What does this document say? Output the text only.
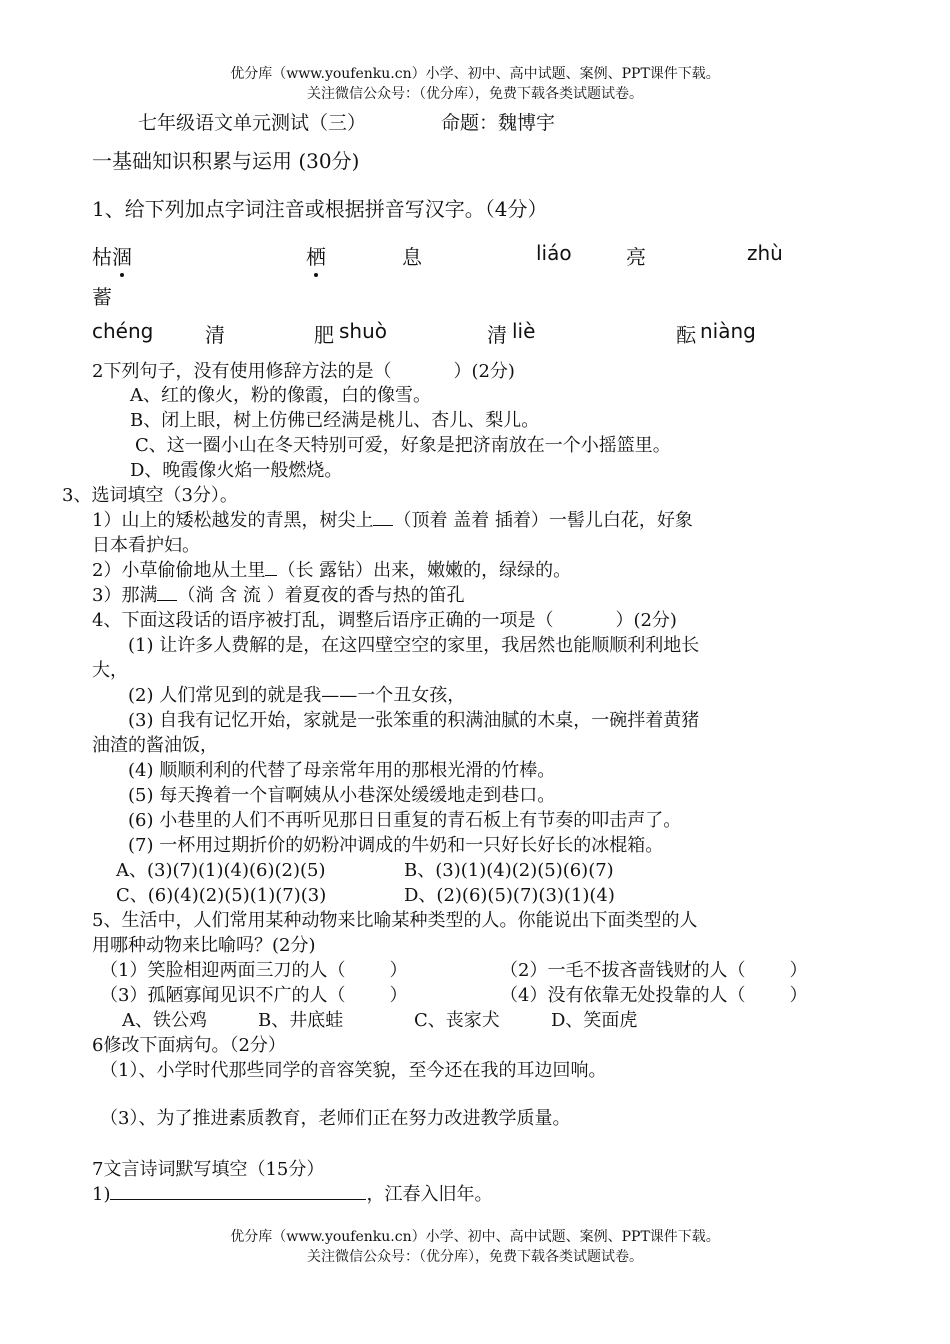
优分库（www.youfenku.cn）小学、初中、高中试题、案例、PPT课件下载。
关注微信公众号：（优分库），免费下载各类试题试卷。
七年级语文单元测试（三）	命题：魏博宇
一基础知识积累与运用 (30分)
1、给下列加点字词注音或根据拼音写汉字。（4分）
枯涸	栖	息	liáo	亮	zhù
蓄
chéng	清	肥 shuò	清 liè	酝 niàng
2下列句子，没有使用修辞方法的是（	）(2分)
A、红的像火，粉的像霞，白的像雪。
B、闭上眼，树上仿佛已经满是桃儿、杏儿、梨儿。
C、这一圈小山在冬天特别可爱，好象是把济南放在一个小摇篮里。
D、晚霞像火焰一般燃烧。
3、选词填空（3分）。
1）山上的矮松越发的青黑，树尖上 （顶着 盖着 插着）一髻儿白花，好象
日本看护妇。
2）小草偷偷地从土里 （长 露钻）出来，嫩嫩的，绿绿的。
3）那满 （淌 含 流 ）着夏夜的香与热的笛孔
4、下面这段话的语序被打乱，调整后语序正确的一项是（	）(2分)
(1) 让许多人费解的是，在这四壁空空的家里，我居然也能顺顺利利地长
大，
(2) 人们常见到的就是我——一个丑女孩，
(3) 自我有记忆开始，家就是一张笨重的积满油腻的木桌，一碗拌着黄猪
油渣的酱油饭，
(4) 顺顺利利的代替了母亲常年用的那根光滑的竹棒。
(5) 每天搀着一个盲啊姨从小巷深处缓缓地走到巷口。
(6) 小巷里的人们不再听见那日日重复的青石板上有节奏的叩击声了。
(7) 一杯用过期折价的奶粉冲调成的牛奶和一只好长好长的冰棍箱。
A、(3)(7)(1)(4)(6)(2)(5)	B、(3)(1)(4)(2)(5)(6)(7)
C、(6)(4)(2)(5)(1)(7)(3)	D、(2)(6)(5)(7)(3)(1)(4)
5、生活中，人们常用某种动物来比喻某种类型的人。你能说出下面类型的人
用哪种动物来比喻吗？(2分)
（1）笑脸相迎两面三刀的人（ ）	（2）一毛不拔吝啬钱财的人（ ）
（3）孤陋寡闻见识不广的人（ ）	（4）没有依靠无处投靠的人（ ）
A、铁公鸡	B、井底蛙	C、丧家犬	D、笑面虎
6修改下面病句。（2分）
（1）、小学时代那些同学的音容笑貌，至今还在我的耳边回响。
（3）、为了推进素质教育，老师们正在努力改进教学质量。
7文言诗词默写填空（15分）
1)	，江春入旧年。
优分库（www.youfenku.cn）小学、初中、高中试题、案例、PPT课件下载。
关注微信公众号：（优分库），免费下载各类试题试卷。
